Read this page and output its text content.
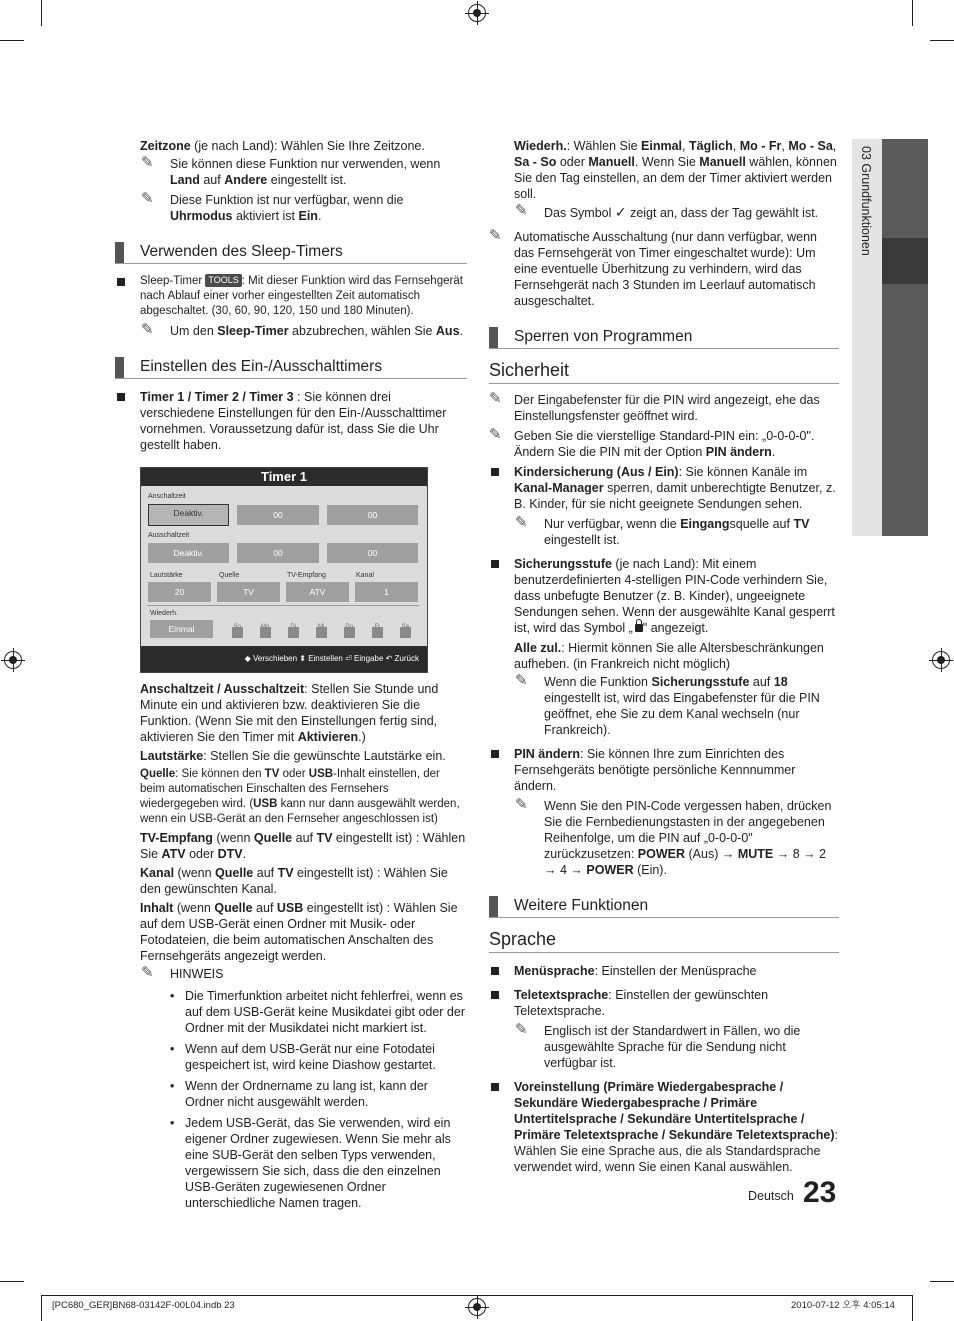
03 Grundfunktionen

Zeitzone (je nach Land): Wählen Sie Ihre Zeitzone.

✎ Sie können diese Funktion nur verwenden, wenn Land auf Andere eingestellt ist.
✎ Diese Funktion ist nur verfügbar, wenn die Uhrmodus aktiviert ist Ein.
Verwenden des Sleep-Timers
Sleep-Timer TOOLS : Mit dieser Funktion wird das Fernsehgerät nach Ablauf einer vorher eingestellten Zeit automatisch abgeschaltet. (30, 60, 90, 120, 150 und 180 Minuten).
✎ Um den Sleep-Timer abzubrechen, wählen Sie Aus.
Einstellen des Ein-/Ausschalttimers
Timer 1 / Timer 2 / Timer 3 : Sie können drei verschiedene Einstellungen für den Ein-/Ausschalttimer vornehmen. Voraussetzung dafür ist, dass Sie die Uhr gestellt haben.
Timer 1
Anschaltzeit
Deaktiv.	00	00
Ausschaltzeit
Deaktiv.	00	00
Lautstärke	Quelle	TV-Empfang	Kanal
20	TV	ATV	1
Wiederh.
Einmal
◆ Verschieben ⬍ Einstellen ⏎ Eingabe ↶ Zurück

Anschaltzeit / Ausschaltzeit: Stellen Sie Stunde und Minute ein und aktivieren bzw. deaktivieren Sie die Funktion. (Wenn Sie mit den Einstellungen fertig sind, aktivieren Sie den Timer mit Aktivieren.)

Lautstärke: Stellen Sie die gewünschte Lautstärke ein.

Quelle: Sie können den TV oder USB-Inhalt einstellen, der beim automatischen Einschalten des Fernsehers wiedergegeben wird. (USB kann nur dann ausgewählt werden, wenn ein USB-Gerät an den Fernseher angeschlossen ist)

TV-Empfang (wenn Quelle auf TV eingestellt ist) : Wählen Sie ATV oder DTV.

Kanal (wenn Quelle auf TV eingestellt ist) : Wählen Sie den gewünschten Kanal.

Inhalt (wenn Quelle auf USB eingestellt ist) : Wählen Sie auf dem USB-Gerät einen Ordner mit Musik- oder Fotodateien, die beim automatischen Anschalten des Fernsehgeräts angezeigt werden.

✎ HINWEIS
• Die Timerfunktion arbeitet nicht fehlerfrei, wenn es auf dem USB-Gerät keine Musikdatei gibt oder der Ordner mit der Musikdatei nicht markiert ist.
• Wenn auf dem USB-Gerät nur eine Fotodatei gespeichert ist, wird keine Diashow gestartet.
• Wenn der Ordnername zu lang ist, kann der Ordner nicht ausgewählt werden.
• Jedem USB-Gerät, das Sie verwenden, wird ein eigener Ordner zugewiesen. Wenn Sie mehr als eine SUB-Gerät den selben Typs verwenden, vergewissern Sie sich, dass die den einzelnen USB-Geräten zugewiesenen Ordner unterschiedliche Namen tragen.

Wiederh.: Wählen Sie Einmal, Täglich, Mo - Fr, Mo - Sa, Sa - So oder Manuell. Wenn Sie Manuell wählen, können Sie den Tag einstellen, an dem der Timer aktiviert werden soll.

✎ Das Symbol ✓ zeigt an, dass der Tag gewählt ist.
✎ Automatische Ausschaltung (nur dann verfügbar, wenn das Fernsehgerät von Timer eingeschaltet wurde): Um eine eventuelle Überhitzung zu verhindern, wird das Fernsehgerät nach 3 Stunden im Leerlauf automatisch ausgeschaltet.
Sperren von Programmen
Sicherheit
✎ Der Eingabefenster für die PIN wird angezeigt, ehe das Einstellungsfenster geöffnet wird.
✎ Geben Sie die vierstellige Standard-PIN ein: „0-0-0-0". Ändern Sie die PIN mit der Option PIN ändern.
Kindersicherung (Aus / Ein): Sie können Kanäle im Kanal-Manager sperren, damit unberechtigte Benutzer, z. B. Kinder, für sie nicht geeignete Sendungen sehen.
✎ Nur verfügbar, wenn die Eingangsquelle auf TV eingestellt ist.
Sicherungsstufe (je nach Land): Mit einem benutzerdefinierten 4-stelligen PIN-Code verhindern Sie, dass unbefugte Benutzer (z. B. Kinder), ungeeignete Sendungen sehen. Wenn der ausgewählte Kanal gesperrt ist, wird das Symbol „ " angezeigt.

Alle zul.: Hiermit können Sie alle Altersbeschränkungen aufheben. (in Frankreich nicht möglich)

✎ Wenn die Funktion Sicherungsstufe auf 18 eingestellt ist, wird das Eingabefenster für die PIN geöffnet, ehe Sie zu dem Kanal wechseln (nur Frankreich).
PIN ändern: Sie können Ihre zum Einrichten des Fernsehgeräts benötigte persönliche Kennnummer ändern.
✎ Wenn Sie den PIN-Code vergessen haben, drücken Sie die Fernbedienungstasten in der angegebenen Reihenfolge, um die PIN auf „0-0-0-0" zurückzusetzen: POWER (Aus) → MUTE → 8 → 2 → 4 → POWER (Ein).
Weitere Funktionen
Sprache
Menüsprache: Einstellen der Menüsprache
Teletextsprache: Einstellen der gewünschten Teletextsprache.
✎ Englisch ist der Standardwert in Fällen, wo die ausgewählte Sprache für die Sendung nicht verfügbar ist.
Voreinstellung (Primäre Wiedergabesprache / Sekundäre Wiedergabesprache / Primäre Untertitelsprache / Sekundäre Untertitelsprache / Primäre Teletextsprache / Sekundäre Teletextsprache): Wählen Sie eine Sprache aus, die als Standardsprache verwendet wird, wenn Sie einen Kanal auswählen.
Deutsch 23
[PC680_GER]BN68-03142F-00L04.indb 23	2010-07-12 오후 4:05:14
